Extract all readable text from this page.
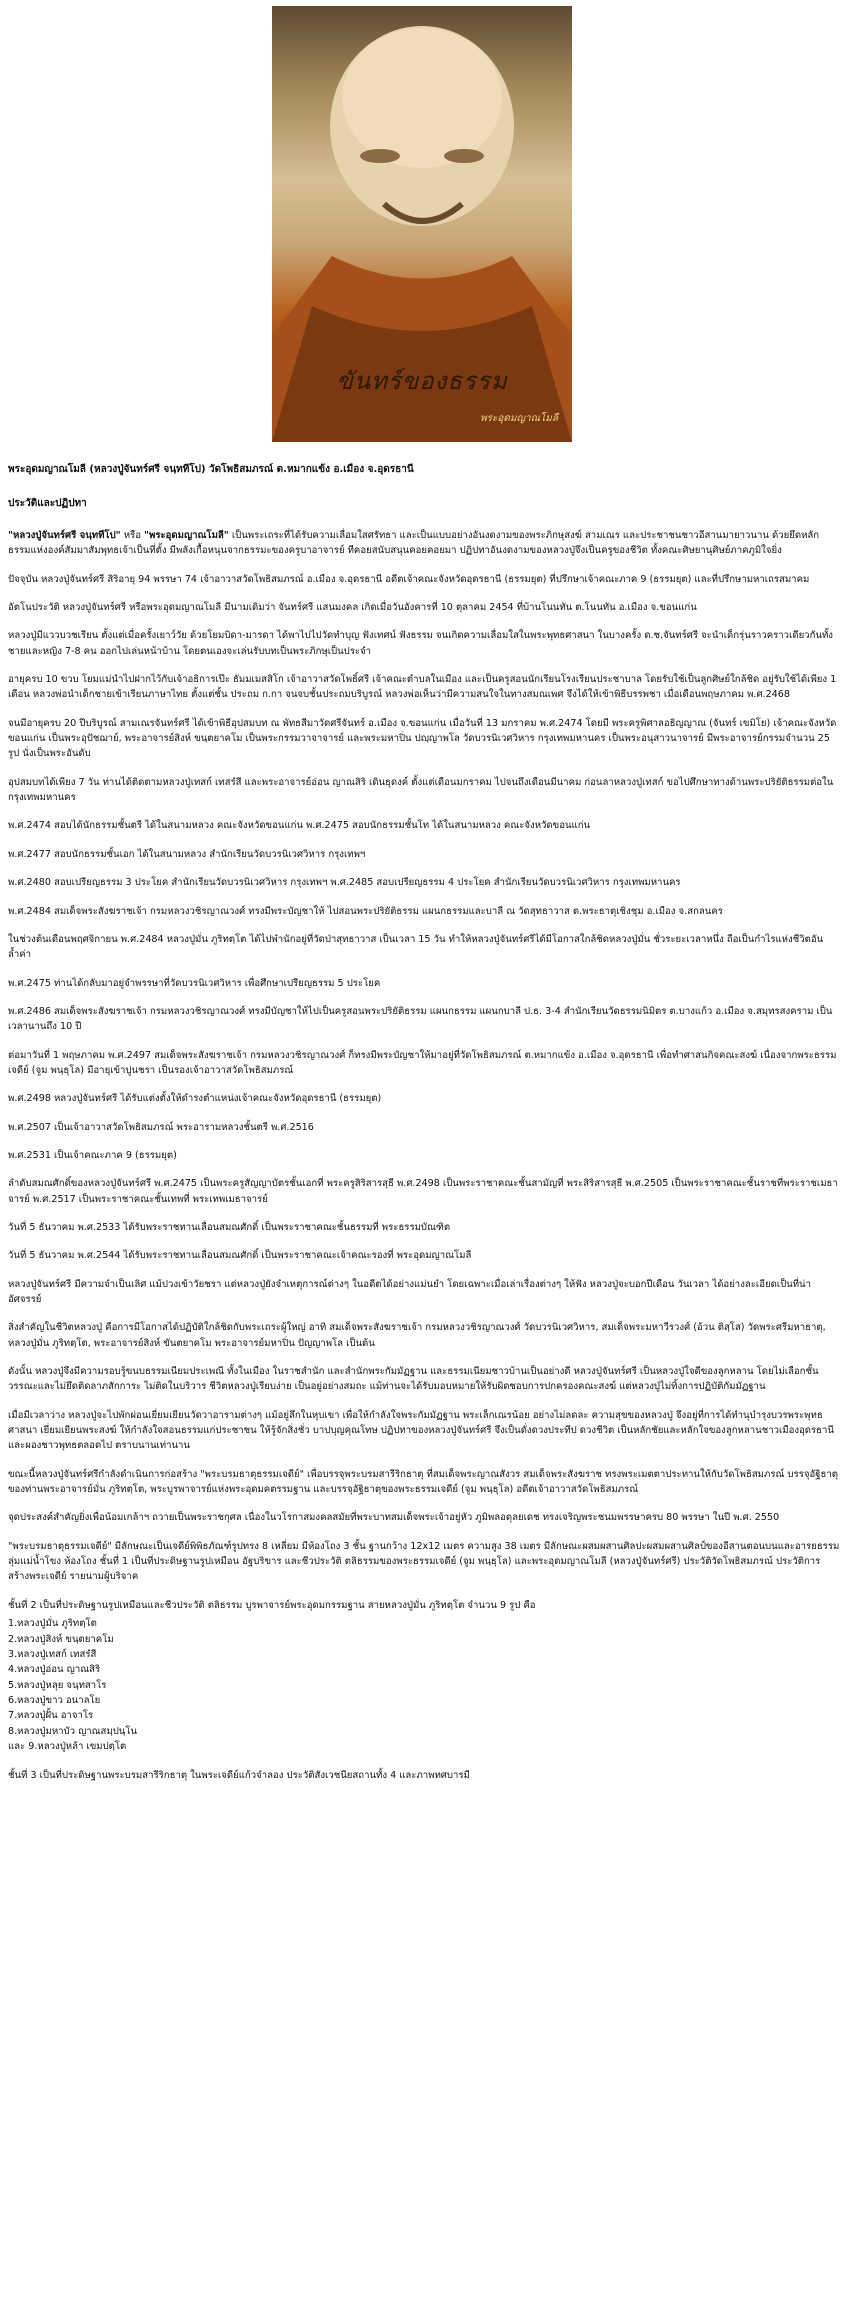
ขันทร์ของธรรม
พระอุดมญาณโมลี

พระอุดมญาณโมลี (หลวงปู่จันทร์ศรี จนฺททีโป) วัดโพธิสมภรณ์ ต.หมากแข้ง อ.เมือง จ.อุดรธานี

ประวัติและปฏิปทา

"หลวงปู่จันทร์ศรี จนฺททีโป" หรือ "พระอุดมญาณโมลี" เป็นพระเถระที่ได้รับความเลื่อมใสศรัทธา และเป็นแบบอย่างอันงดงามของพระภิกษุสงฆ์ สามเณร และประชาชนชาวอีสานมายาวนาน ด้วยยึดหลักธรรมแห่งองค์สัมมาสัมพุทธเจ้าเป็นที่ตั้ง มีพลังเกื้อหนุนจากธรรมะของครูบาอาจารย์ ทีคอยสนับสนุนคอยคอยมา ปฏิปทาอันงดงามของหลวงปู่จึงเป็นครูของชีวิต ทั้งคณะศิษยานุศิษย์ภาคภูมิใจยิ่ง

ปัจจุบัน หลวงปู่จันทร์ศรี สิริอายุ 94 พรรษา 74 เจ้าอาวาสวัดโพธิสมภรณ์ อ.เมือง จ.อุดรธานี อดีตเจ้าคณะจังหวัดอุดรธานี (ธรรมยุต) ที่ปรึกษาเจ้าคณะภาค 9 (ธรรมยุต) และที่ปรึกษามหาเถรสมาคม

อัตโนประวัติ หลวงปู่จันทร์ศรี หรือพระอุดมญาณโมลี มีนามเดิมว่า จันทร์ศรี แสนมงคล เกิดเมื่อวันอังคารที่ 10 ตุลาคม 2454 ที่บ้านโนนทัน ต.โนนทัน อ.เมือง จ.ขอนแก่น

หลวงปู่มีแววบวชเรียน ตั้งแต่เมื่อครั้งเยาว์วัย ด้วยโยมบิดา-มารดา ได้พาไปไปวัดทำบุญ ฟังเทศน์ ฟังธรรม จนเกิดความเลื่อมใสในพระพุทธศาสนา ในบางครั้ง ด.ช.จันทร์ศรี จะนำเด็กรุ่นราวคราวเดียวกันทั้งชายและหญิง 7-8 คน ออกไปเล่นหน้าบ้าน โดยตนเองจะเล่นรับบทเป็นพระภิกษุเป็นประจำ

อายุครบ 10 ขวบ โยมแม่นำไปฝากไว้กับเจ้าอธิการเป๊ะ ธัมมเมสสิโก เจ้าอาวาสวัดโพธิ์ศรี เจ้าคณะตำบลในเมือง และเป็นครูสอนนักเรียนโรงเรียนประชาบาล โดยรับใช้เป็นลูกศิษย์ใกล้ชิด อยู่รับใช้ได้เพียง 1 เดือน หลวงพ่อนำเด็กชายเข้าเรียนภาษาไทย ตั้งแต่ชั้น ประถม ก.กา จนจบชั้นประถมบริบูรณ์ หลวงพ่อเห็นว่ามีความสนใจในทางสมณเพศ จึงได้ให้เข้าพิธีบรรพชา เมื่อเดือนพฤษภาคม พ.ศ.2468

จนมีอายุครบ 20 ปีบริบูรณ์ สามเณรจันทร์ศรี ได้เข้าพิธีอุปสมบท ณ พัทธสีมาวัดศรีจันทร์ อ.เมือง จ.ขอนแก่น เมื่อวันที่ 13 มกราคม พ.ศ.2474 โดยมี พระครูพิศาลอธิญญาณ (จันทร์ เขมิโย) เจ้าคณะจังหวัดขอนแก่น เป็นพระอุปัชฌาย์, พระอาจารย์สิงห์ ขนฺตยาคโม เป็นพระกรรมวาจาจารย์ และพระมหาปิ่น ปญฺญาพโล วัดบวรนิเวศวิหาร กรุงเทพมหานคร เป็นพระอนุสาวนาจารย์ มีพระอาจารย์กรรมจำนวน 25 รูป นั่งเป็นพระอันดับ

อุปสมบทได้เพียง 7 วัน ท่านได้ติดตามหลวงปู่เทสก์ เทสรํสี และพระอาจารย์อ่อน ญาณสิริ เดินธุดงค์ ตั้งแต่เดือนมกราคม ไปจนถึงเดือนมีนาคม ก่อนลาหลวงปู่เทสก์ ขอไปศึกษาทางด้านพระปริยัติธรรมต่อในกรุงเทพมหานคร

พ.ศ.2474 สอบได้นักธรรมชั้นตรี ได้ในสนามหลวง คณะจังหวัดขอนแก่น พ.ศ.2475 สอบนักธรรมชั้นโท ได้ในสนามหลวง คณะจังหวัดขอนแก่น

พ.ศ.2477 สอบนักธรรมชั้นเอก ได้ในสนามหลวง สำนักเรียนวัดบวรนิเวศวิหาร กรุงเทพฯ

พ.ศ.2480 สอบเปรียญธรรม 3 ประโยค สำนักเรียนวัดบวรนิเวศวิหาร กรุงเทพฯ พ.ศ.2485 สอบเปรียญธรรม 4 ประโยค สำนักเรียนวัดบวรนิเวศวิหาร กรุงเทพมหานคร

พ.ศ.2484 สมเด็จพระสังฆราชเจ้า กรมหลวงวชิรญาณวงศ์ ทรงมีพระบัญชาให้ ไปสอนพระปริยัติธรรม แผนกธรรมและบาลี ณ วัดสุทธาวาส ต.พระธาตุเชิงชุม อ.เมือง จ.สกลนคร

ในช่วงต้นเดือนพฤศจิกายน พ.ศ.2484 หลวงปู่มั่น ภูริทตฺโต ได้ไปพำนักอยู่ที่วัดป่าสุทธาวาส เป็นเวลา 15 วัน ทำให้หลวงปู่จันทร์ศรีได้มีโอกาสใกล้ชิดหลวงปู่มั่น ชั่วระยะเวลาหนึ่ง ถือเป็นกำไรแห่งชีวิตอันล้ำค่า

พ.ศ.2475 ท่านได้กลับมาอยู่จำพรรษาที่วัดบวรนิเวศวิหาร เพื่อศึกษาเปรียญธรรม 5 ประโยค

พ.ศ.2486 สมเด็จพระสังฆราชเจ้า กรมหลวงวชิรญาณวงศ์ ทรงมีบัญชาให้ไปเป็นครูสอนพระปริยัติธรรม แผนกธรรม แผนกบาลี ป.ธ. 3-4 สำนักเรียนวัดธรรมนิมิตร ต.บางแก้ว อ.เมือง จ.สมุทรสงคราม เป็นเวลานานถึง 10 ปี

ต่อมาวันที่ 1 พฤษภาคม พ.ศ.2497 สมเด็จพระสังฆราชเจ้า กรมหลวงวชิรญาณวงศ์ ก็ทรงมีพระบัญชาให้มาอยู่ที่วัดโพธิสมภรณ์ ต.หมากแข้ง อ.เมือง จ.อุดรธานี เพื่อทำศาสนกิจคณะสงฆ์ เนื่องจากพระธรรมเจดีย์ (จูม พนฺธุโล) มีอายุเข้าปูนชรา เป็นรองเจ้าอาวาสวัดโพธิสมภรณ์

พ.ศ.2498 หลวงปู่จันทร์ศรี ได้รับแต่งตั้งให้ดำรงตำแหน่งเจ้าคณะจังหวัดอุดรธานี (ธรรมยุต)

พ.ศ.2507 เป็นเจ้าอาวาสวัดโพธิสมภรณ์ พระอารามหลวงชั้นตรี พ.ศ.2516

พ.ศ.2531 เป็นเจ้าคณะภาค 9 (ธรรมยุต)

ลำดับสมณศักดิ์ของหลวงปู่จันทร์ศรี พ.ศ.2475 เป็นพระครูสัญญาบัตรชั้นเอกที่ พระครูสิริสารสุธี พ.ศ.2498 เป็นพระราชาคณะชั้นสามัญที่ พระสิริสารสุธี พ.ศ.2505 เป็นพระราชาคณะชั้นราชที่พระราชเมธาจารย์ พ.ศ.2517 เป็นพระราชาคณะชั้นเทพที่ พระเทพเมธาจารย์

วันที่ 5 ธันวาคม พ.ศ.2533 ได้รับพระราชทานเลื่อนสมณศักดิ์ เป็นพระราชาคณะชั้นธรรมที่ พระธรรมบัณฑิต

วันที่ 5 ธันวาคม พ.ศ.2544 ได้รับพระราชทานเลื่อนสมณศักดิ์ เป็นพระราชาคณะเจ้าคณะรองที่ พระอุดมญาณโมลี

หลวงปู่จันทร์ศรี มีความจำเป็นเลิศ แม้ปวงเข้าวัยชรา แต่หลวงปู่ยังจำเหตุการณ์ต่างๆ ในอดีตได้อย่างแม่นยำ โดยเฉพาะเมื่อเล่าเรื่องต่างๆ ให้ฟัง หลวงปู่จะบอกปีเดือน วันเวลา ได้อย่างละเอียดเป็นที่น่าอัศจรรย์

สิ่งสำคัญในชีวิตหลวงปู่ คือการมีโอกาสได้ปฏิบัติใกล้ชิดกับพระเถระผู้ใหญ่ อาทิ สมเด็จพระสังฆราชเจ้า กรมหลวงวชิรญาณวงศ์ วัดบวรนิเวศวิหาร, สมเด็จพระมหาวีรวงศ์ (อ้วน ติสฺโส) วัดพระศรีมหาธาตุ, หลวงปู่มั่น ภูริทตฺโต, พระอาจารย์สิงห์ ขันตยาคโม พระอาจารย์มหาปิ่น ปัญญาพโล เป็นต้น

ดังนั้น หลวงปู่จึงมีความรอบรู้ขนบธรรมเนียมประเพณี ทั้งในเมือง ในราชสำนัก และสำนักพระกัมมัฏฐาน และธรรมเนียมชาวบ้านเป็นอย่างดี หลวงปู่จันทร์ศรี เป็นหลวงปู่ใจดีของลูกหลาน โดยไม่เลือกชั้นวรรณะและไม่ยึดติดลาภสักการะ ไม่ติดในบริวาร ชีวิตหลวงปู่เรียบง่าย เป็นอยู่อย่างสมถะ แม้ท่านจะได้รับมอบหมายให้รับผิดชอบการปกครองคณะสงฆ์ แต่หลวงปู่ไม่ทิ้งการปฏิบัติกัมมัฏฐาน

เมื่อมีเวลาว่าง หลวงปู่จะไปพักผ่อนเยี่ยมเยียนวัดวาอารามต่างๆ แม้อยู่ลึกในหุบเขา เพื่อให้กำลังใจพระกัมมัฏฐาน พระเล็กเณรน้อย อย่างไม่ลดละ ความสุขของหลวงปู่ จึงอยู่ที่การได้ทำนุบำรุงบวรพระพุทธศาสนา เยี่ยมเยียนพระสงฆ์ ให้กำลังใจสอนธรรมแก่ประชาชน ให้รู้จักสิ่งชั่ว บาปบุญคุณโทษ ปฏิปทาของหลวงปู่จันทร์ศรี จึงเป็นดั่งดวงประทีป ดวงชีวิต เป็นหลักชัยและหลักใจของลูกหลานชาวเมืองอุดรธานี และผองชาวพุทธตลอดไป ตราบนานเท่านาน

ขณะนี้หลวงปู่จันทร์ศรีกำลังดำเนินการก่อสร้าง "พระบรมธาตุธรรมเจดีย์" เพื่อบรรจุพระบรมสารีริกธาตุ ที่สมเด็จพระญาณสังวร สมเด็จพระสังฆราช ทรงพระเมตตาประทานให้กับวัดโพธิสมภรณ์ บรรจุอัฐิธาตุของท่านพระอาจารย์มั่น ภูริทตฺโต, พระบูรพาจารย์แห่งพระอุดมคตรรมฐาน และบรรจุอัฐิธาตุของพระธรรมเจดีย์ (จูม พนฺธุโล) อดีตเจ้าอาวาสวัดโพธิสมภรณ์

จุดประสงค์สำคัญยิ่งเพื่อน้อมเกล้าฯ ถวายเป็นพระราชกุศล เนื่องในวโรกาสมงคลสมัยที่พระบาทสมเด็จพระเจ้าอยู่หัว ภูมิพลอดุลยเดช ทรงเจริญพระชนมพรรษาครบ 80 พรรษา ในปี พ.ศ. 2550

"พระบรมธาตุธรรมเจดีย์" มีลักษณะเป็นเจดีย์พิพิธภัณฑ์รูปทรง 8 เหลี่ยม มีห้องโถง 3 ชั้น ฐานกว้าง 12x12 เมตร ความสูง 38 เมตร มีลักษณะผสมผสานศิลปะผสมผสานศิลป์ของอีสานตอนบนและอารยธรรมลุ่มแม่น้ำโขง ห้องโถง ชั้นที่ 1 เป็นที่ประดิษฐานรูปเหมือน อัฐบริขาร และชีวประวัติ ตลิธรรมของพระธรรมเจดีย์ (จูม พนฺธุโล) และพระอุดมญาณโมลี (หลวงปู่จันทร์ศรี) ประวัติวัดโพธิสมภรณ์ ประวัติการสร้างพระเจดีย์ รายนามผู้บริจาค

ชั้นที่ 2 เป็นที่ประดิษฐานรูปเหมือนและชีวประวัติ ตลิธรรม บูรพาจารย์พระอุดมกรรมฐาน สายหลวงปู่มั่น ภูริทตฺโต จำนวน 9 รูป คือ

1.หลวงปู่มั่น ภูริทตฺโต
2.หลวงปู่สิงห์ ขนฺตยาคโม
3.หลวงปู่เทสก์ เทสรํสี
4.หลวงปู่อ่อน ญาณสิริ
5.หลวงปู่หลุย จนฺทสาโร
6.หลวงปู่ขาว อนาลโย
7.หลวงปู่ฝั้น อาจาโร
8.หลวงปู่มหาบัว ญาณสมฺปนฺโน
และ 9.หลวงปู่หล้า เขมปตฺโต

ชั้นที่ 3 เป็นที่ประดิษฐานพระบรมสารีริกธาตุ ในพระเจดีย์แก้วจำลอง ประวัติสังเวชนียสถานทั้ง 4 และภาพทศบารมี
